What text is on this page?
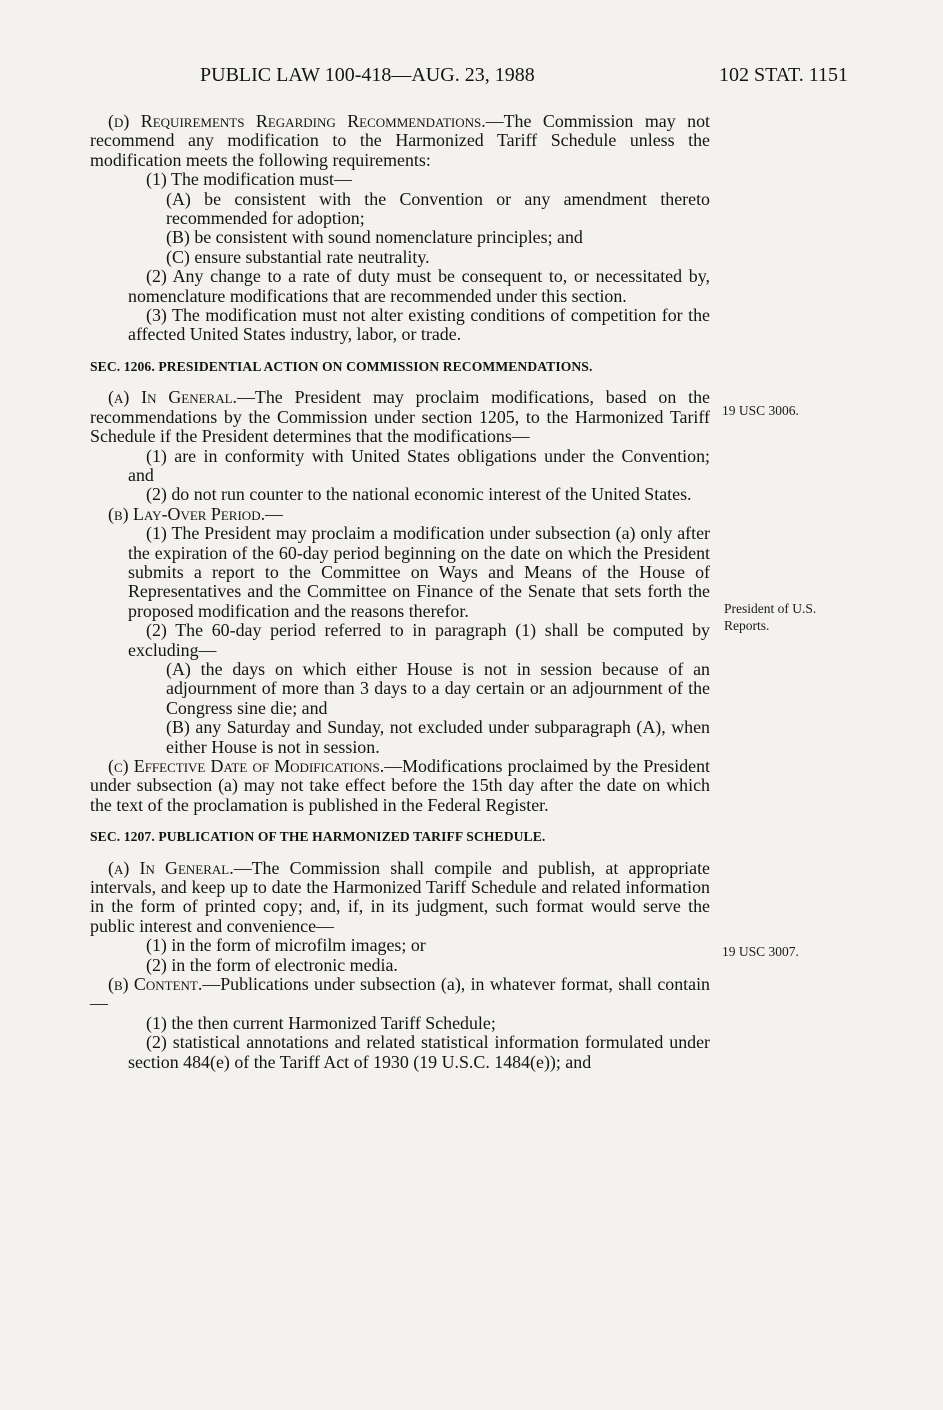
PUBLIC LAW 100-418—AUG. 23, 1988	102 STAT. 1151

(d) Requirements Regarding Recommendations.—The Commission may not recommend any modification to the Harmonized Tariff Schedule unless the modification meets the following requirements:

(1) The modification must—

(A) be consistent with the Convention or any amendment thereto recommended for adoption;

(B) be consistent with sound nomenclature principles; and

(C) ensure substantial rate neutrality.

(2) Any change to a rate of duty must be consequent to, or necessitated by, nomenclature modifications that are recommended under this section.

(3) The modification must not alter existing conditions of competition for the affected United States industry, labor, or trade.

SEC. 1206. PRESIDENTIAL ACTION ON COMMISSION RECOMMENDATIONS.

(a) In General.—The President may proclaim modifications, based on the recommendations by the Commission under section 1205, to the Harmonized Tariff Schedule if the President determines that the modifications—

(1) are in conformity with United States obligations under the Convention; and

(2) do not run counter to the national economic interest of the United States.

(b) Lay-Over Period.—

(1) The President may proclaim a modification under subsection (a) only after the expiration of the 60-day period beginning on the date on which the President submits a report to the Committee on Ways and Means of the House of Representatives and the Committee on Finance of the Senate that sets forth the proposed modification and the reasons therefor.

(2) The 60-day period referred to in paragraph (1) shall be computed by excluding—

(A) the days on which either House is not in session because of an adjournment of more than 3 days to a day certain or an adjournment of the Congress sine die; and

(B) any Saturday and Sunday, not excluded under subparagraph (A), when either House is not in session.

(c) Effective Date of Modifications.—Modifications proclaimed by the President under subsection (a) may not take effect before the 15th day after the date on which the text of the proclamation is published in the Federal Register.

SEC. 1207. PUBLICATION OF THE HARMONIZED TARIFF SCHEDULE.

(a) In General.—The Commission shall compile and publish, at appropriate intervals, and keep up to date the Harmonized Tariff Schedule and related information in the form of printed copy; and, if, in its judgment, such format would serve the public interest and convenience—

(1) in the form of microfilm images; or

(2) in the form of electronic media.

(b) Content.—Publications under subsection (a), in whatever format, shall contain—

(1) the then current Harmonized Tariff Schedule;

(2) statistical annotations and related statistical information formulated under section 484(e) of the Tariff Act of 1930 (19 U.S.C. 1484(e)); and

19 USC 3006.
President of U.S.
Reports.
19 USC 3007.
